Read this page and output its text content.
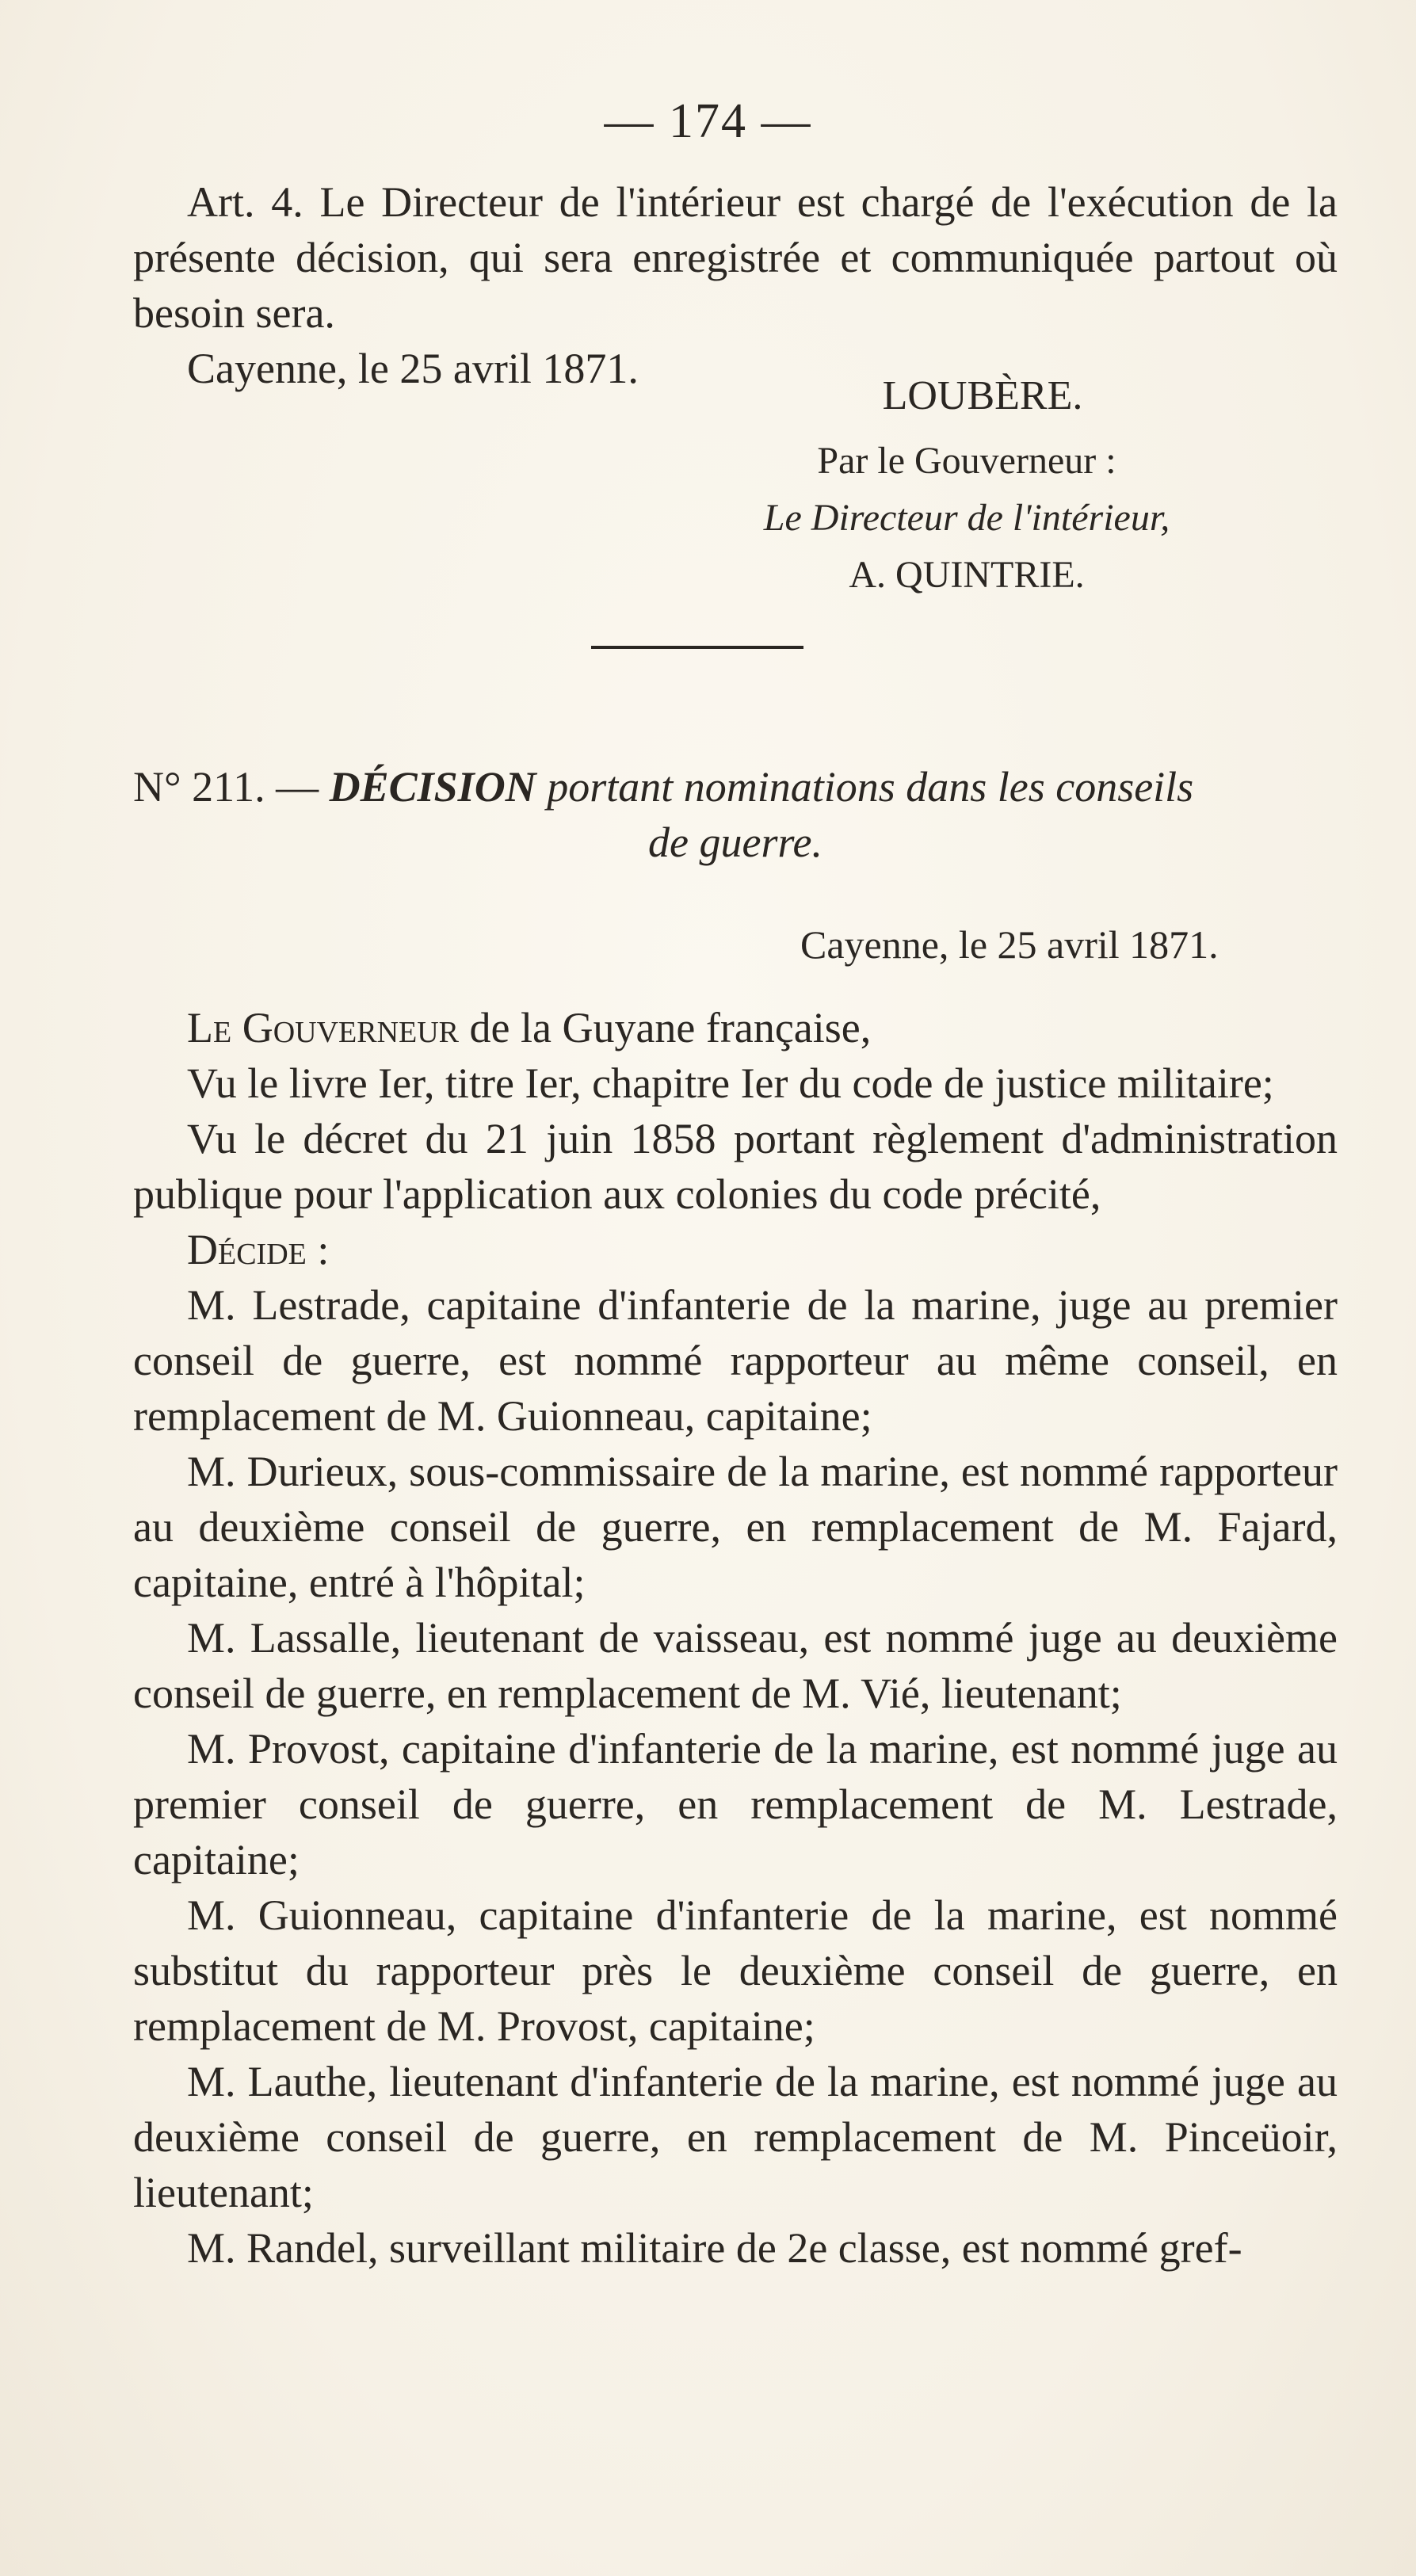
— 174 —

Art. 4. Le Directeur de l'intérieur est chargé de l'exécution de la présente décision, qui sera enregistrée et communiquée partout où besoin sera.

Cayenne, le 25 avril 1871.

LOUBÈRE.
Par le Gouverneur :
Le Directeur de l'intérieur,
A. QUINTRIE.
N° 211. — DÉCISION portant nominations dans les conseils
de guerre.
Cayenne, le 25 avril 1871.

Le Gouverneur de la Guyane française,

Vu le livre Ier, titre Ier, chapitre Ier du code de justice militaire;

Vu le décret du 21 juin 1858 portant règlement d'administration publique pour l'application aux colonies du code précité,

Décide :

M. Lestrade, capitaine d'infanterie de la marine, juge au premier conseil de guerre, est nommé rapporteur au même conseil, en remplacement de M. Guionneau, capitaine;

M. Durieux, sous-commissaire de la marine, est nommé rapporteur au deuxième conseil de guerre, en remplacement de M. Fajard, capitaine, entré à l'hôpital;

M. Lassalle, lieutenant de vaisseau, est nommé juge au deuxième conseil de guerre, en remplacement de M. Vié, lieutenant;

M. Provost, capitaine d'infanterie de la marine, est nommé juge au premier conseil de guerre, en remplacement de M. Lestrade, capitaine;

M. Guionneau, capitaine d'infanterie de la marine, est nommé substitut du rapporteur près le deuxième conseil de guerre, en remplacement de M. Provost, capitaine;

M. Lauthe, lieutenant d'infanterie de la marine, est nommé juge au deuxième conseil de guerre, en remplacement de M. Pinceüoir, lieutenant;

M. Randel, surveillant militaire de 2e classe, est nommé gref-
